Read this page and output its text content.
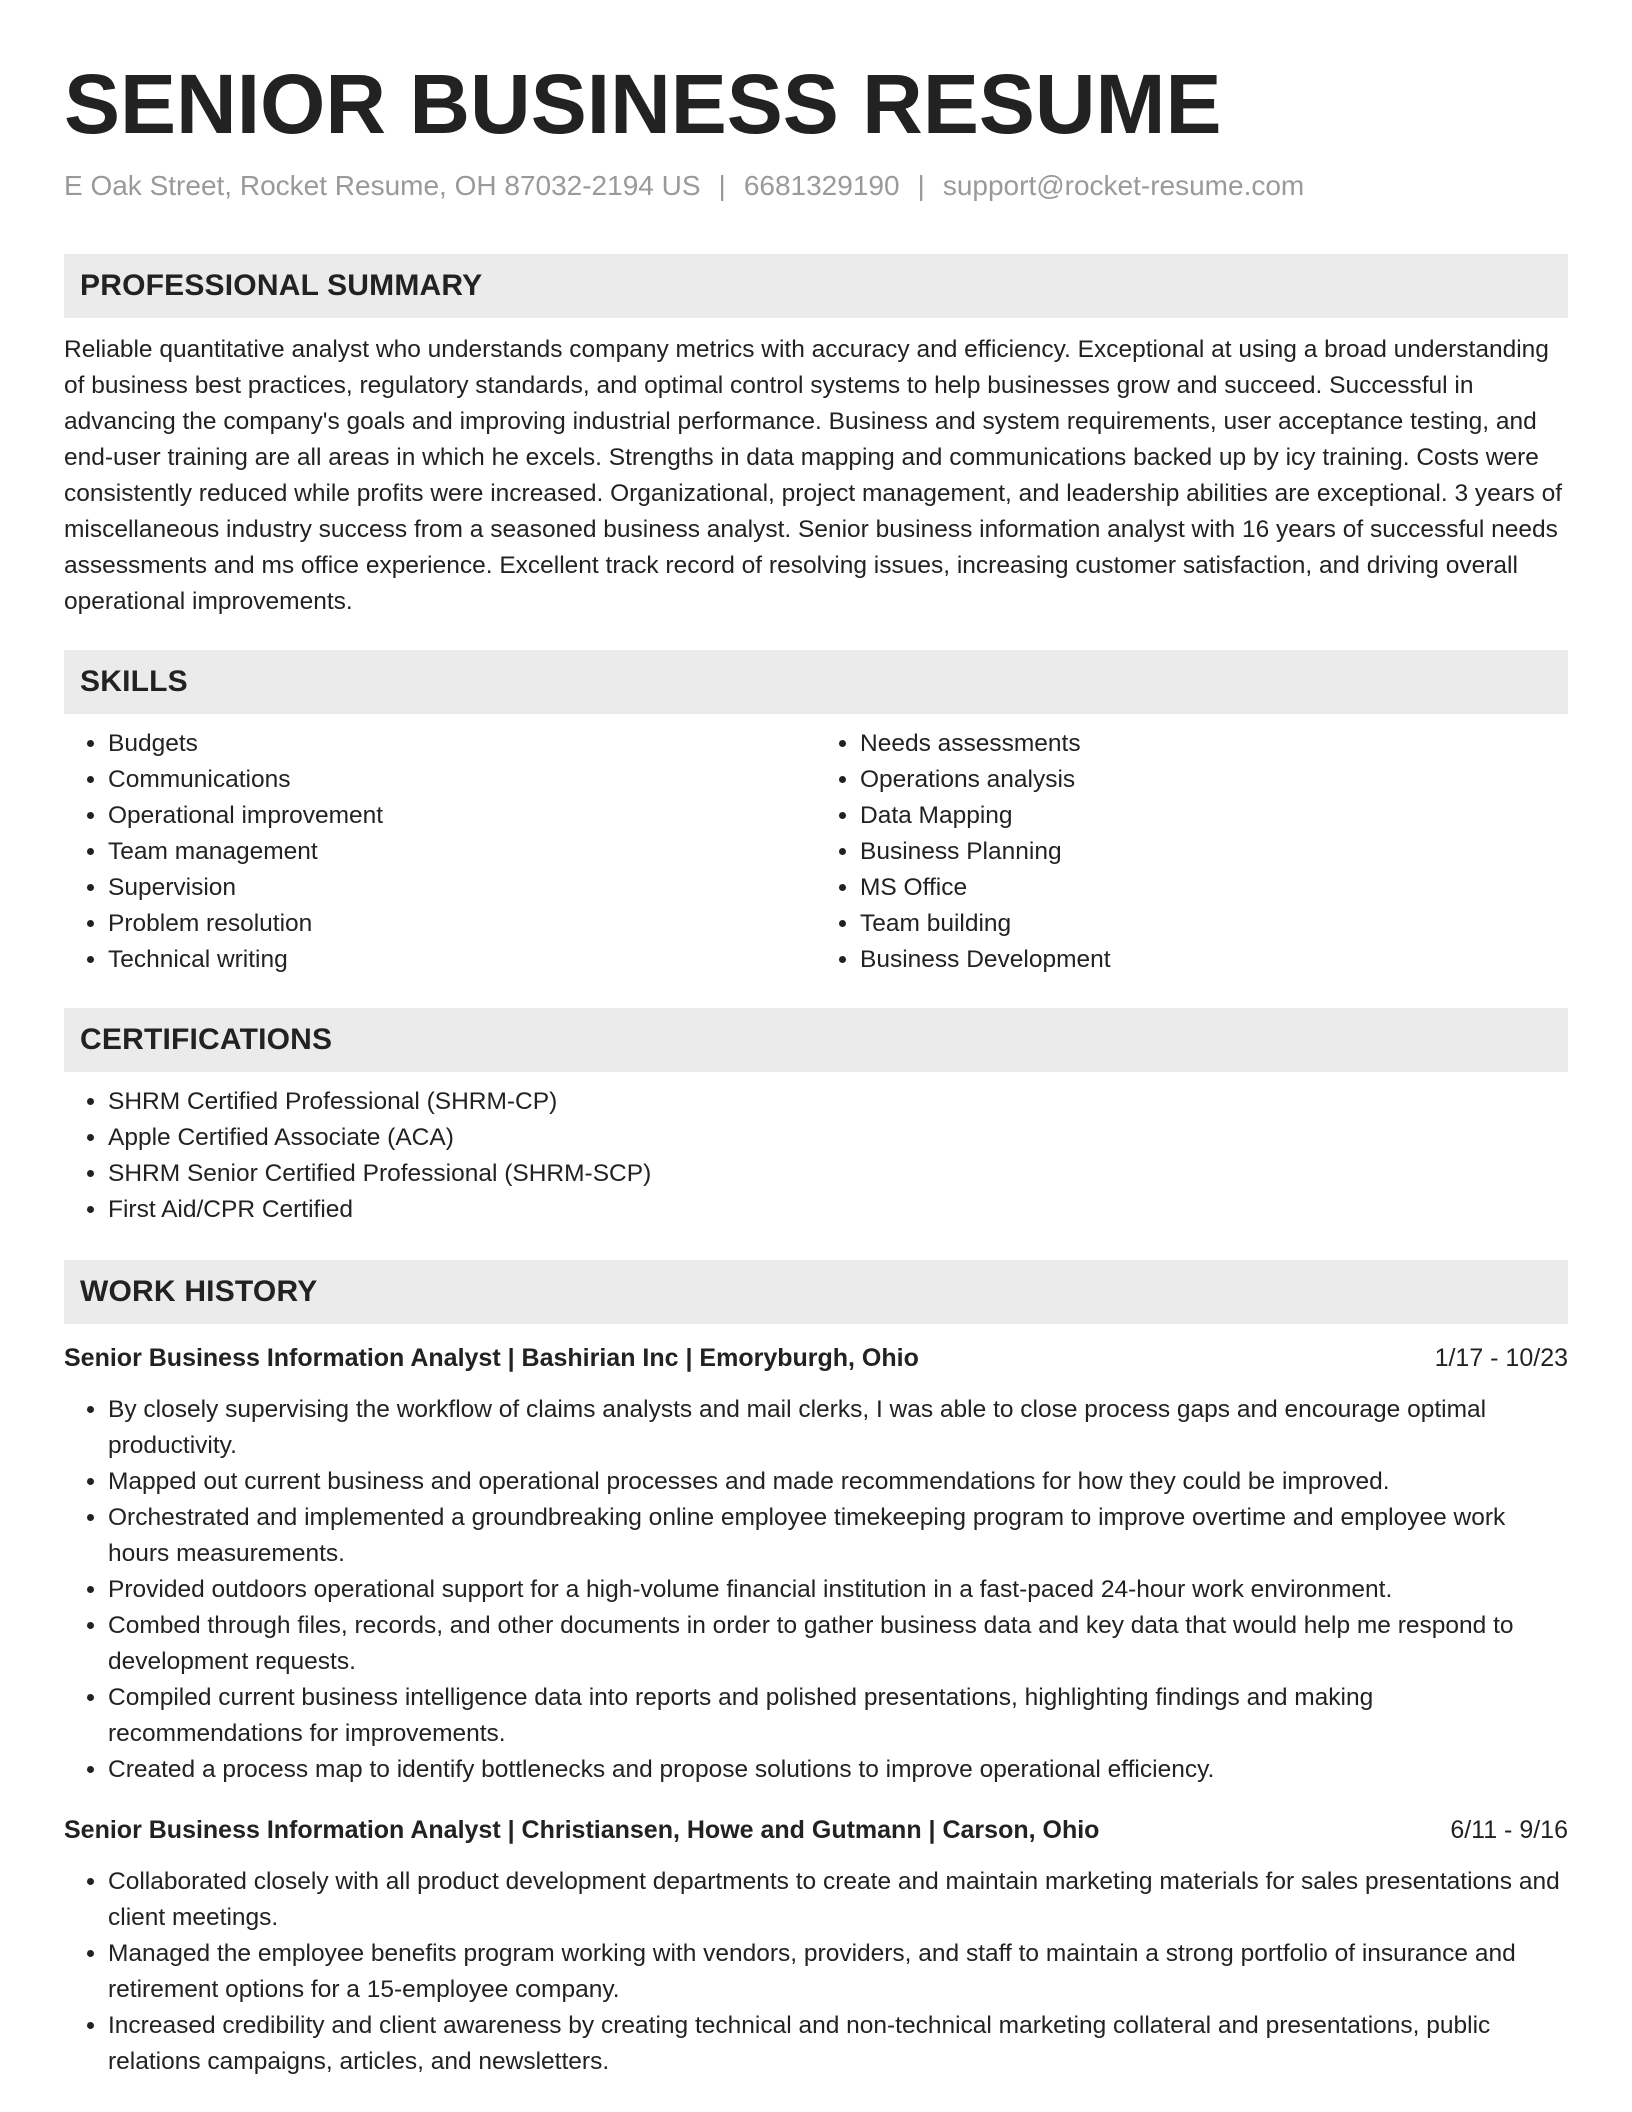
SENIOR BUSINESS RESUME
E Oak Street, Rocket Resume, OH 87032-2194 US | 6681329190 | support@rocket-resume.com
PROFESSIONAL SUMMARY

Reliable quantitative analyst who understands company metrics with accuracy and efficiency. Exceptional at using a broad understanding of business best practices, regulatory standards, and optimal control systems to help businesses grow and succeed. Successful in advancing the company's goals and improving industrial performance. Business and system requirements, user acceptance testing, and end-user training are all areas in which he excels. Strengths in data mapping and communications backed up by icy training. Costs were consistently reduced while profits were increased. Organizational, project management, and leadership abilities are exceptional. 3 years of miscellaneous industry success from a seasoned business analyst. Senior business information analyst with 16 years of successful needs assessments and ms office experience. Excellent track record of resolving issues, increasing customer satisfaction, and driving overall operational improvements.

SKILLS
• Budgets
• Communications
• Operational improvement
• Team management
• Supervision
• Problem resolution
• Technical writing
• Needs assessments
• Operations analysis
• Data Mapping
• Business Planning
• MS Office
• Team building
• Business Development
CERTIFICATIONS
• SHRM Certified Professional (SHRM-CP)
• Apple Certified Associate (ACA)
• SHRM Senior Certified Professional (SHRM-SCP)
• First Aid/CPR Certified
WORK HISTORY
Senior Business Information Analyst | Bashirian Inc | Emoryburgh, Ohio	1/17 - 10/23
• By closely supervising the workflow of claims analysts and mail clerks, I was able to close process gaps and encourage optimal productivity.
• Mapped out current business and operational processes and made recommendations for how they could be improved.
• Orchestrated and implemented a groundbreaking online employee timekeeping program to improve overtime and employee work hours measurements.
• Provided outdoors operational support for a high-volume financial institution in a fast-paced 24-hour work environment.
• Combed through files, records, and other documents in order to gather business data and key data that would help me respond to development requests.
• Compiled current business intelligence data into reports and polished presentations, highlighting findings and making recommendations for improvements.
• Created a process map to identify bottlenecks and propose solutions to improve operational efficiency.
Senior Business Information Analyst | Christiansen, Howe and Gutmann | Carson, Ohio	6/11 - 9/16
• Collaborated closely with all product development departments to create and maintain marketing materials for sales presentations and client meetings.
• Managed the employee benefits program working with vendors, providers, and staff to maintain a strong portfolio of insurance and retirement options for a 15-employee company.
• Increased credibility and client awareness by creating technical and non-technical marketing collateral and presentations, public relations campaigns, articles, and newsletters.
